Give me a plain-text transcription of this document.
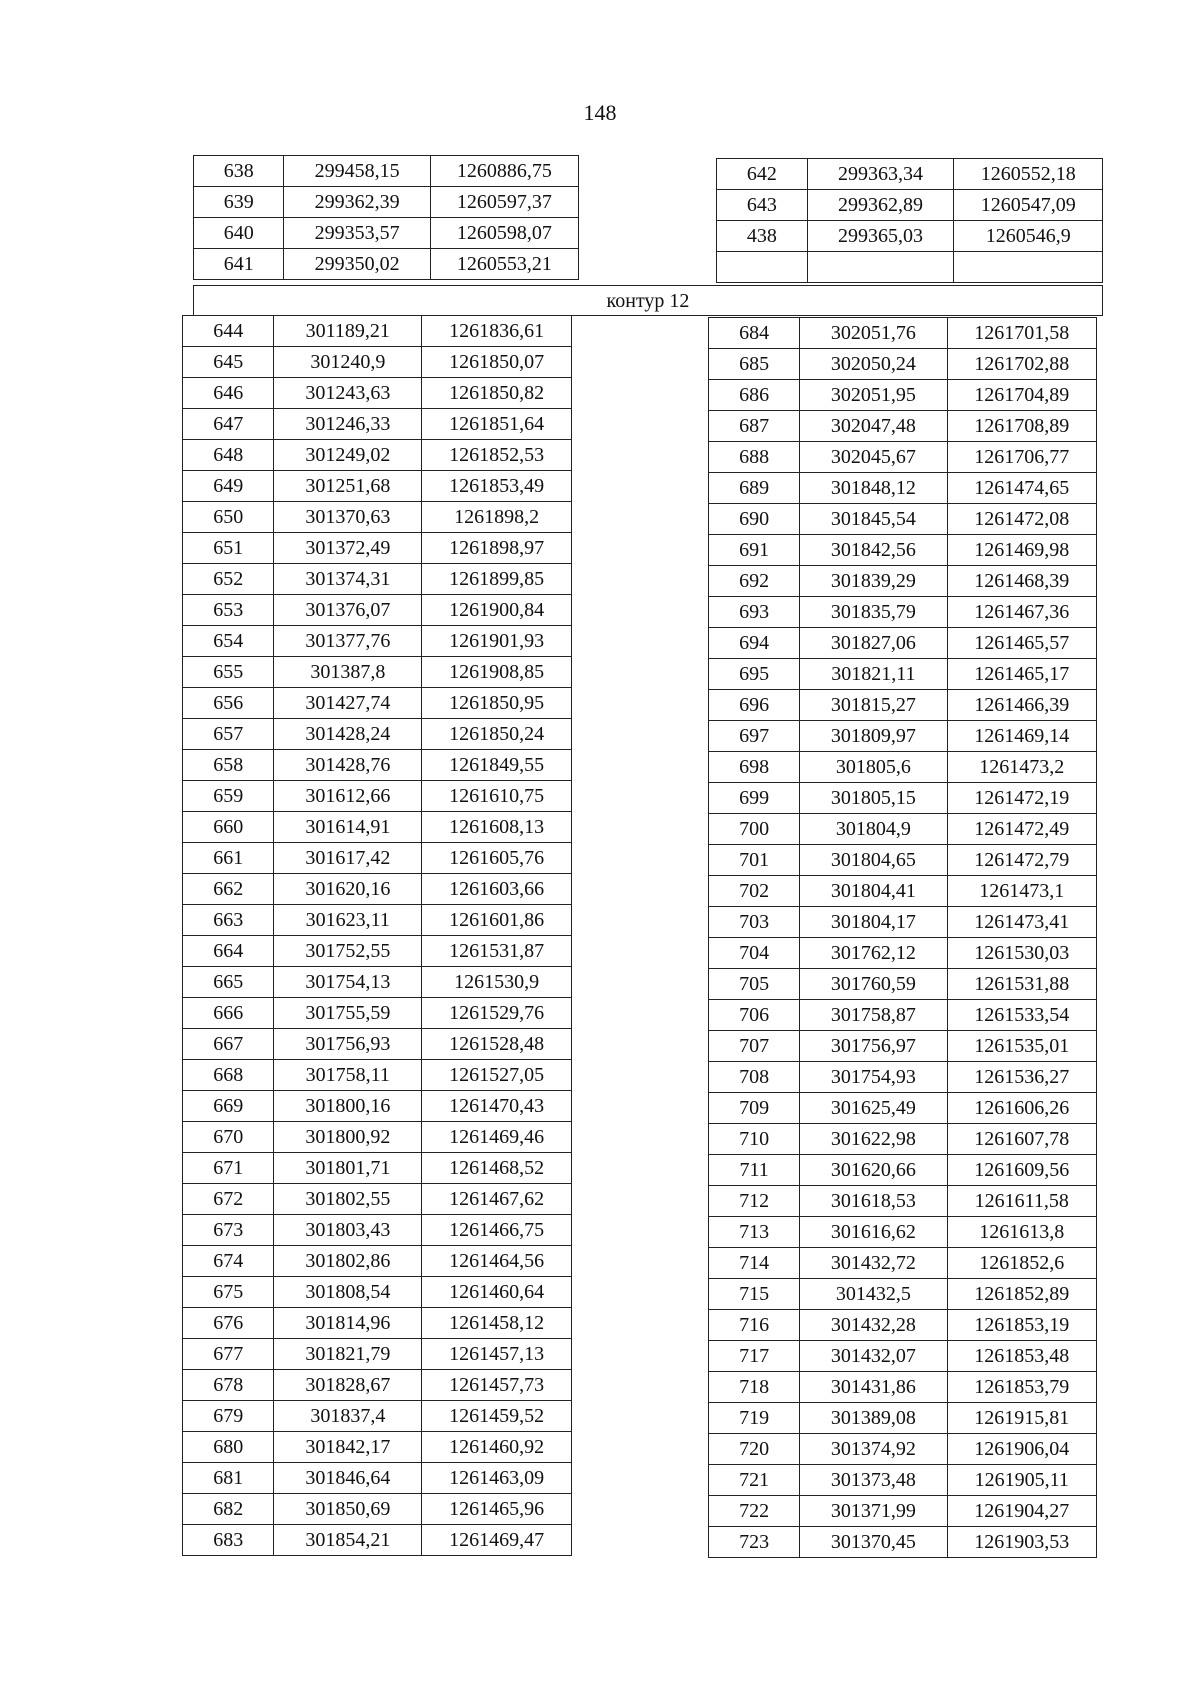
148
638	299458,15	1260886,75
639	299362,39	1260597,37
640	299353,57	1260598,07
641	299350,02	1260553,21
642	299363,34	1260552,18
643	299362,89	1260547,09
438	299365,03	1260546,9

контур 12
644	301189,21	1261836,61
645	301240,9	1261850,07
646	301243,63	1261850,82
647	301246,33	1261851,64
648	301249,02	1261852,53
649	301251,68	1261853,49
650	301370,63	1261898,2
651	301372,49	1261898,97
652	301374,31	1261899,85
653	301376,07	1261900,84
654	301377,76	1261901,93
655	301387,8	1261908,85
656	301427,74	1261850,95
657	301428,24	1261850,24
658	301428,76	1261849,55
659	301612,66	1261610,75
660	301614,91	1261608,13
661	301617,42	1261605,76
662	301620,16	1261603,66
663	301623,11	1261601,86
664	301752,55	1261531,87
665	301754,13	1261530,9
666	301755,59	1261529,76
667	301756,93	1261528,48
668	301758,11	1261527,05
669	301800,16	1261470,43
670	301800,92	1261469,46
671	301801,71	1261468,52
672	301802,55	1261467,62
673	301803,43	1261466,75
674	301802,86	1261464,56
675	301808,54	1261460,64
676	301814,96	1261458,12
677	301821,79	1261457,13
678	301828,67	1261457,73
679	301837,4	1261459,52
680	301842,17	1261460,92
681	301846,64	1261463,09
682	301850,69	1261465,96
683	301854,21	1261469,47
684	302051,76	1261701,58
685	302050,24	1261702,88
686	302051,95	1261704,89
687	302047,48	1261708,89
688	302045,67	1261706,77
689	301848,12	1261474,65
690	301845,54	1261472,08
691	301842,56	1261469,98
692	301839,29	1261468,39
693	301835,79	1261467,36
694	301827,06	1261465,57
695	301821,11	1261465,17
696	301815,27	1261466,39
697	301809,97	1261469,14
698	301805,6	1261473,2
699	301805,15	1261472,19
700	301804,9	1261472,49
701	301804,65	1261472,79
702	301804,41	1261473,1
703	301804,17	1261473,41
704	301762,12	1261530,03
705	301760,59	1261531,88
706	301758,87	1261533,54
707	301756,97	1261535,01
708	301754,93	1261536,27
709	301625,49	1261606,26
710	301622,98	1261607,78
711	301620,66	1261609,56
712	301618,53	1261611,58
713	301616,62	1261613,8
714	301432,72	1261852,6
715	301432,5	1261852,89
716	301432,28	1261853,19
717	301432,07	1261853,48
718	301431,86	1261853,79
719	301389,08	1261915,81
720	301374,92	1261906,04
721	301373,48	1261905,11
722	301371,99	1261904,27
723	301370,45	1261903,53
